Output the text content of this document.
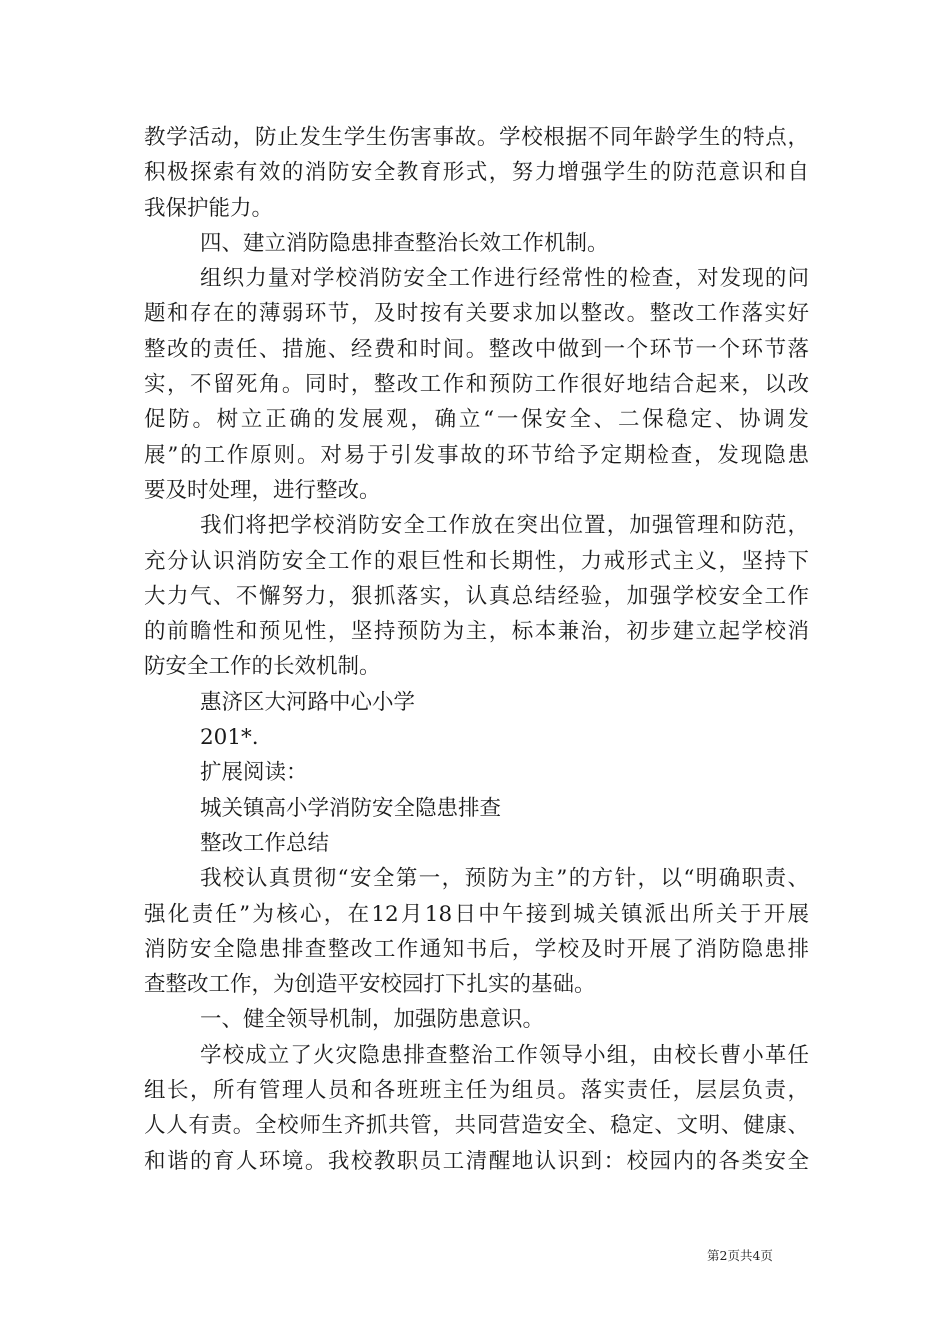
教学活动，防止发生学生伤害事故。学校根据不同年龄学生的特点，
积极探索有效的消防安全教育形式，努力增强学生的防范意识和自
我保护能力。
四、建立消防隐患排查整治长效工作机制。
组织力量对学校消防安全工作进行经常性的检查，对发现的问
题和存在的薄弱环节，及时按有关要求加以整改。整改工作落实好
整改的责任、措施、经费和时间。整改中做到一个环节一个环节落
实，不留死角。同时，整改工作和预防工作很好地结合起来，以改
促防。树立正确的发展观，确立“一保安全、二保稳定、协调发
展”的工作原则。对易于引发事故的环节给予定期检查，发现隐患
要及时处理，进行整改。
我们将把学校消防安全工作放在突出位置，加强管理和防范，
充分认识消防安全工作的艰巨性和长期性，力戒形式主义，坚持下
大力气、不懈努力，狠抓落实，认真总结经验，加强学校安全工作
的前瞻性和预见性，坚持预防为主，标本兼治，初步建立起学校消
防安全工作的长效机制。
惠济区大河路中心小学
201*.
扩展阅读：
城关镇高小学消防安全隐患排查
整改工作总结
我校认真贯彻“安全第一，预防为主”的方针，以“明确职责、
强化责任”为核心，在12月18日中午接到城关镇派出所关于开展
消防安全隐患排查整改工作通知书后，学校及时开展了消防隐患排
查整改工作，为创造平安校园打下扎实的基础。
一、健全领导机制，加强防患意识。
学校成立了火灾隐患排查整治工作领导小组，由校长曹小革任
组长，所有管理人员和各班班主任为组员。落实责任，层层负责，
人人有责。全校师生齐抓共管，共同营造安全、稳定、文明、健康、
和谐的育人环境。我校教职员工清醒地认识到：校园内的各类安全
第2页共4页
